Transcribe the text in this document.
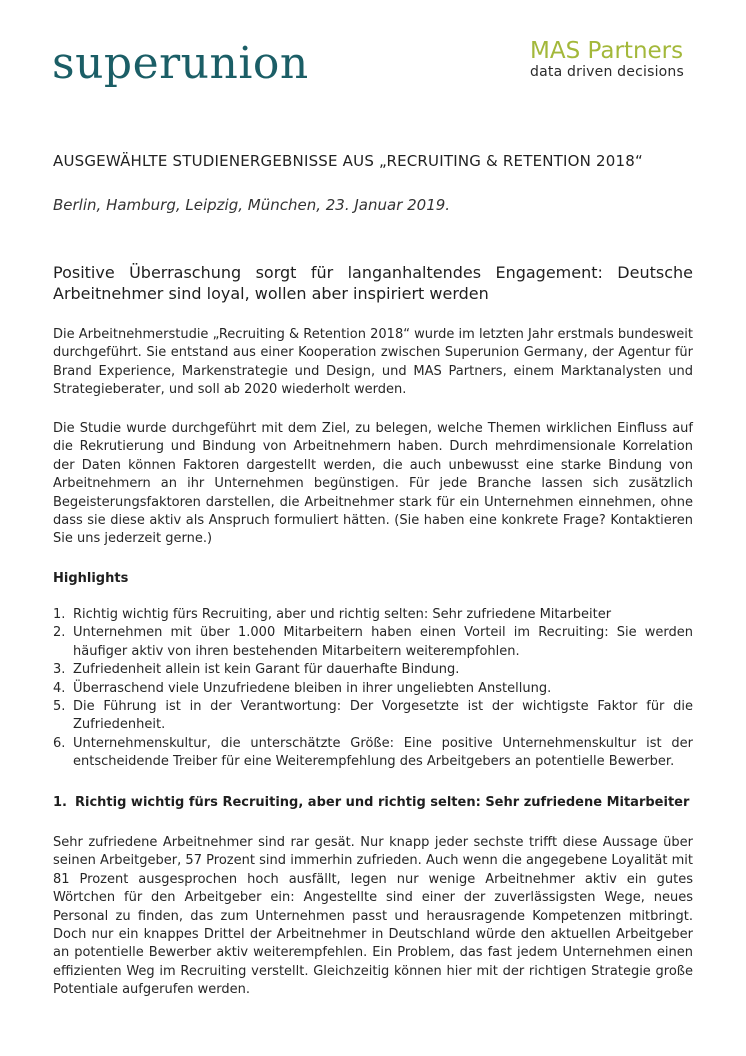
superunion	MAS Partners
data driven decisions
AUSGEWÄHLTE STUDIENERGEBNISSE AUS „RECRUITING & RETENTION 2018“
Berlin, Hamburg, Leipzig, München, 23. Januar 2019.
Positive Überraschung sorgt für langanhaltendes Engagement: Deutsche Arbeitnehmer sind loyal, wollen aber inspiriert werden
Die Arbeitnehmerstudie „Recruiting & Retention 2018“ wurde im letzten Jahr erstmals bundesweit durchgeführt. Sie entstand aus einer Kooperation zwischen Superunion Germany, der Agentur für Brand Experience, Markenstrategie und Design, und MAS Partners, einem Marktanalysten und Strategieberater, und soll ab 2020 wiederholt werden.
Die Studie wurde durchgeführt mit dem Ziel, zu belegen, welche Themen wirklichen Einfluss auf die Rekrutierung und Bindung von Arbeitnehmern haben. Durch mehrdimensionale Korrelation der Daten können Faktoren dargestellt werden, die auch unbewusst eine starke Bindung von Arbeitnehmern an ihr Unternehmen begünstigen. Für jede Branche lassen sich zusätzlich Begeisterungsfaktoren darstellen, die Arbeitnehmer stark für ein Unternehmen einnehmen, ohne dass sie diese aktiv als Anspruch formuliert hätten. (Sie haben eine konkrete Frage? Kontaktieren Sie uns jederzeit gerne.)
Highlights
1. Richtig wichtig fürs Recruiting, aber und richtig selten: Sehr zufriedene Mitarbeiter
2. Unternehmen mit über 1.000 Mitarbeitern haben einen Vorteil im Recruiting: Sie werden häufiger aktiv von ihren bestehenden Mitarbeitern weiterempfohlen.
3. Zufriedenheit allein ist kein Garant für dauerhafte Bindung.
4. Überraschend viele Unzufriedene bleiben in ihrer ungeliebten Anstellung.
5. Die Führung ist in der Verantwortung: Der Vorgesetzte ist der wichtigste Faktor für die Zufriedenheit.
6. Unternehmenskultur, die unterschätzte Größe: Eine positive Unternehmenskultur ist der entscheidende Treiber für eine Weiterempfehlung des Arbeitgebers an potentielle Bewerber.
1. Richtig wichtig fürs Recruiting, aber und richtig selten: Sehr zufriedene Mitarbeiter
Sehr zufriedene Arbeitnehmer sind rar gesät. Nur knapp jeder sechste trifft diese Aussage über seinen Arbeitgeber, 57 Prozent sind immerhin zufrieden. Auch wenn die angegebene Loyalität mit 81 Prozent ausgesprochen hoch ausfällt, legen nur wenige Arbeitnehmer aktiv ein gutes Wörtchen für den Arbeitgeber ein: Angestellte sind einer der zuverlässigsten Wege, neues Personal zu finden, das zum Unternehmen passt und herausragende Kompetenzen mitbringt. Doch nur ein knappes Drittel der Arbeitnehmer in Deutschland würde den aktuellen Arbeitgeber an potentielle Bewerber aktiv weiterempfehlen. Ein Problem, das fast jedem Unternehmen einen effizienten Weg im Recruiting verstellt. Gleichzeitig können hier mit der richtigen Strategie große Potentiale aufgerufen werden.
